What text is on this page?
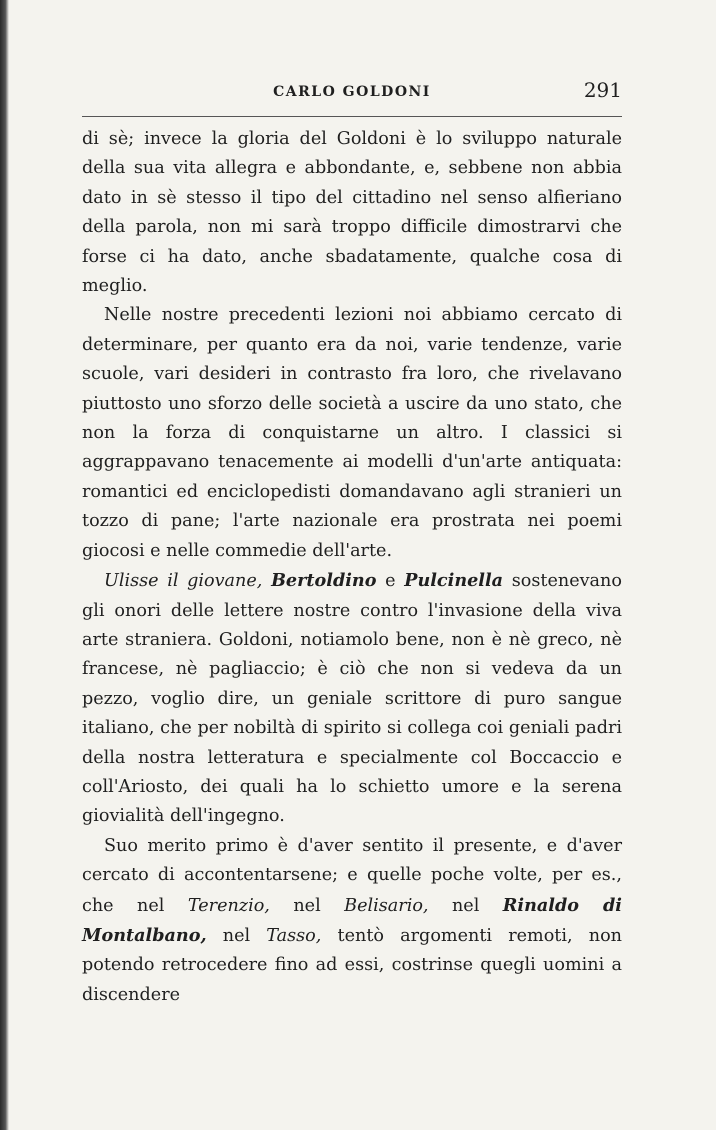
CARLO GOLDONI	291

di sè; invece la gloria del Goldoni è lo sviluppo naturale della sua vita allegra e abbondante, e, sebbene non abbia dato in sè stesso il tipo del cittadino nel senso alfieriano della parola, non mi sarà troppo difficile dimostrarvi che forse ci ha dato, anche sbadatamente, qualche cosa di meglio.

Nelle nostre precedenti lezioni noi abbiamo cercato di determinare, per quanto era da noi, varie tendenze, varie scuole, vari desideri in contrasto fra loro, che rivelavano piuttosto uno sforzo delle società a uscire da uno stato, che non la forza di conquistarne un altro. I classici si aggrappavano tenacemente ai modelli d'un'arte antiquata: romantici ed enciclopedisti domandavano agli stranieri un tozzo di pane; l'arte nazionale era prostrata nei poemi giocosi e nelle commedie dell'arte.

Ulisse il giovane, Bertoldino e Pulcinella sostenevano gli onori delle lettere nostre contro l'invasione della viva arte straniera. Goldoni, notiamolo bene, non è nè greco, nè francese, nè pagliaccio; è ciò che non si vedeva da un pezzo, voglio dire, un geniale scrittore di puro sangue italiano, che per nobiltà di spirito si collega coi geniali padri della nostra letteratura e specialmente col Boccaccio e coll'Ariosto, dei quali ha lo schietto umore e la serena giovialità dell'ingegno.

Suo merito primo è d'aver sentito il presente, e d'aver cercato di accontentarsene; e quelle poche volte, per es., che nel Terenzio, nel Belisario, nel Rinaldo di Montalbano, nel Tasso, tentò argomenti remoti, non potendo retrocedere fino ad essi, costrinse quegli uomini a discendere
